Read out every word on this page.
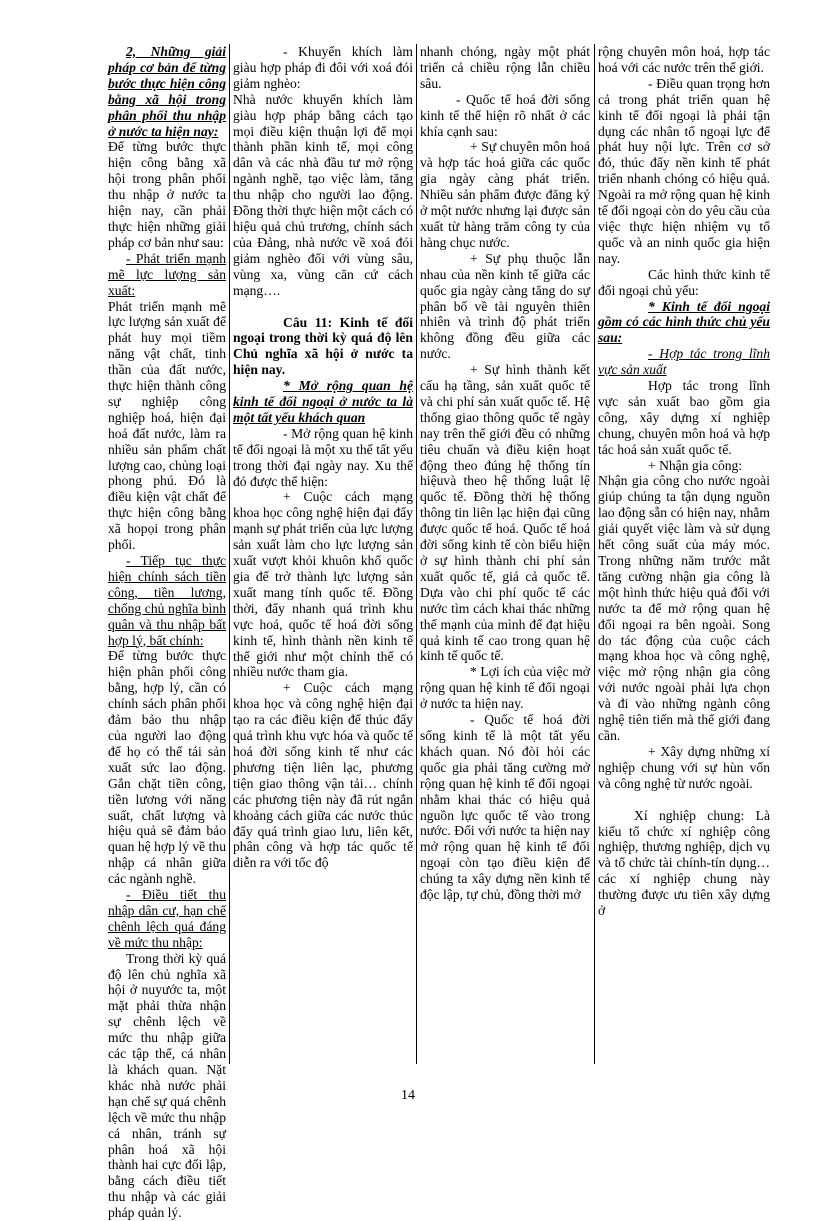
2, Những giải pháp cơ bản để từng bước thực hiện công bằng xã hội trong phân phối thu nhập ở nước ta hiện nay:

Để từng bước thực hiện công bằng xã hội trong phân phối thu nhập ở nước ta hiện nay, cần phải thực hiện những giải pháp cơ bản như sau:

- Phát triển mạnh mẽ lực lượng sản xuất:

Phát triển mạnh mẽ lực lượng sản xuất để phát huy mọi tiềm năng vật chất, tinh thần của đất nước, thực hiện thành công sự nghiệp công nghiệp hoá, hiện đại hoá đất nước, làm ra nhiều sản phẩm chất lượng cao, chủng loại phong phú. Đó là điều kiện vật chất để thực hiện công bằng xã hopọi trong phân phối.

- Tiếp tục thực hiện chính sách tiền công, tiền lương, chống chủ nghĩa bình quân và thu nhập bất hợp lý, bất chính:

Để từng bước thực hiện phân phối công bằng, hợp lý, cần có chính sách phân phối đảm bảo thu nhập của người lao động để họ có thể tái sản xuất sức lao động. Gắn chặt tiền công, tiền lương với năng suất, chất lượng và hiệu quả sẽ đảm bảo quan hệ hợp lý về thu nhập cá nhân giữa các ngành nghề.

- Điều tiết thu nhập dân cư, hạn chế chênh lệch quá đáng về mức thu nhập:

Trong thời kỳ quá độ lên chủ nghĩa xã hội ở nuyước ta, một mặt phải thừa nhận sự chênh lệch về mức thu nhập giữa các tập thể, cá nhân là khách quan. Nặt khác nhà nước phải hạn chế sự quá chênh lệch về mức thu nhập cá nhân, tránh sự phân hoá xã hội thành hai cực đối lập, bằng cách điều tiết thu nhập và các giải pháp quản lý.

- Khuyến khích làm giàu hợp pháp đi đôi với xoá đói giảm nghèo:

Nhà nước khuyến khích làm giàu hợp pháp bằng cách tạo mọi điều kiện thuận lợi để mọi thành phần kinh tế, mọi công dân và các nhà đầu tư mở rộng ngành nghề, tạo việc làm, tăng thu nhập cho người lao động. Đồng thời thực hiện một cách có hiệu quả chủ trương, chính sách của Đảng, nhà nước về xoá đói giảm nghèo đối với vùng sâu, vùng xa, vùng căn cứ cách mạng….

Câu 11: Kinh tế đối ngoại trong thời kỳ quá độ lên Chủ nghĩa xã hội ở nước ta hiện nay.

* Mở rộng quan hệ kinh tế đối ngoại ở nước ta là một tất yếu khách quan

- Mở rộng quan hệ kinh tế đối ngoại là một xu thế tất yếu trong thời đại ngày nay. Xu thế đó được thể hiện:

+ Cuộc cách mạng khoa học công nghệ hiện đại đẩy mạnh sự phát triển của lực lượng sản xuất làm cho lực lượng sản xuất vượt khỏi khuôn khổ quốc gia để trở thành lực lượng sản xuất mang tính quốc tế. Đồng thời, đẩy nhanh quá trình khu vực hoá, quốc tế hoá đời sống kinh tế, hình thành nền kinh tế thế giới như một chỉnh thể có nhiều nước tham gia.

+ Cuộc cách mạng khoa học và công nghệ hiện đại tạo ra các điều kiện để thúc đẩy quá trình khu vực hóa và quốc tế hoá đời sống kinh tế như các phương tiện liên lạc, phương tiện giao thông vận tải… chính các phương tiện này đã rút ngắn khoảng cách giữa các nước thúc đẩy quá trình giao lưu, liên kết, phân công và hợp tác quốc tế diễn ra với tốc độ

nhanh chóng, ngày một phát triển cả chiều rộng lẫn chiều sâu.

- Quốc tế hoá đời sống kinh tế thể hiện rõ nhất ở các khía cạnh sau:

+ Sự chuyên môn hoá và hợp tác hoá giữa các quốc gia ngày càng phát triển. Nhiều sản phẩm được đăng ký ở một nước nhưng lại được sản xuất từ hàng trăm công ty của hàng chục nước.

+ Sự phụ thuộc lẫn nhau của nền kinh tế giữa các quốc gia ngày càng tăng do sự phân bố về tài nguyên thiên nhiên và trình độ phát triển không đồng đều giữa các nước.

+ Sự hình thành kết cấu hạ tầng, sản xuất quốc tế và chi phí sản xuất quốc tế. Hệ thống giao thông quốc tế ngày nay trên thế giới đều có những tiêu chuẩn và điều kiện hoạt động theo đúng hệ thống tín hiệuvà theo hệ thống luật lệ quốc tế. Đồng thời hệ thống thông tin liên lạc hiện đại cũng được quốc tế hoá. Quốc tế hoá đời sống kinh tế còn biểu hiện ở sự hình thành chi phí sản xuất quốc tế, giá cả quốc tế. Dựa vào chi phí quốc tế các nước tìm cách khai thác những thế mạnh của mình để đạt hiệu quả kinh tế cao trong quan hệ kinh tế quốc tế.

* Lợi ích của việc mở rộng quan hệ kinh tế đối ngoại ở nước ta hiện nay.

- Quốc tế hoá đời sống kinh tế là một tất yếu khách quan. Nó đòi hỏi các quốc gia phải tăng cường mở rộng quan hệ kinh tế đối ngoại nhằm khai thác có hiệu quả nguồn lực quốc tế vào trong nước. Đối với nước ta hiện nay mở rộng quan hệ kinh tế đối ngoại còn tạo điều kiện để chúng ta xây dựng nền kinh tế độc lập, tự chủ, đồng thời mở

rộng chuyên môn hoá, hợp tác hoá với các nước trên thế giới.

- Điều quan trọng hơn cả trong phát triển quan hệ kinh tế đối ngoại là phải tận dụng các nhân tố ngoại lực để phát huy nội lực. Trên cơ sở đó, thúc đẩy nền kinh tế phát triển nhanh chóng có hiệu quả. Ngoài ra mở rộng quan hệ kinh tế đối ngoại còn do yêu cầu của việc thực hiện nhiệm vụ tổ quốc và an ninh quốc gia hiện nay.

Các hình thức kinh tế đối ngoại chủ yếu:

* Kinh tế đối ngoại gồm có các hình thức chủ yếu sau:

- Hợp tác trong lĩnh vực sản xuất

Hợp tác trong lĩnh vực sản xuất bao gồm gia công, xây dựng xí nghiệp chung, chuyên môn hoá và hợp tác hoá sản xuất quốc tế.

+ Nhận gia công:

Nhận gia công cho nước ngoài giúp chúng ta tận dụng nguồn lao động sẵn có hiện nay, nhằm giải quyết việc làm và sử dụng hết công suất của máy móc. Trong những năm trước mắt tăng cường nhận gia công là một hình thức hiệu quả đối với nước ta để mở rộng quan hệ đối ngoại ra bên ngoài. Song do tác động của cuộc cách mạng khoa học và công nghệ, việc mở rộng nhận gia công với nước ngoài phải lựa chọn và đi vào những ngành công nghệ tiên tiến mà thế giới đang cần.

+ Xây dựng những xí nghiệp chung với sự hùn vốn và công nghệ từ nước ngoài.

Xí nghiệp chung: Là kiểu tổ chức xí nghiệp công nghiệp, thương nghiệp, dịch vụ và tổ chức tài chính-tín dụng… các xí nghiệp chung này thường được ưu tiên xây dựng ở

14
